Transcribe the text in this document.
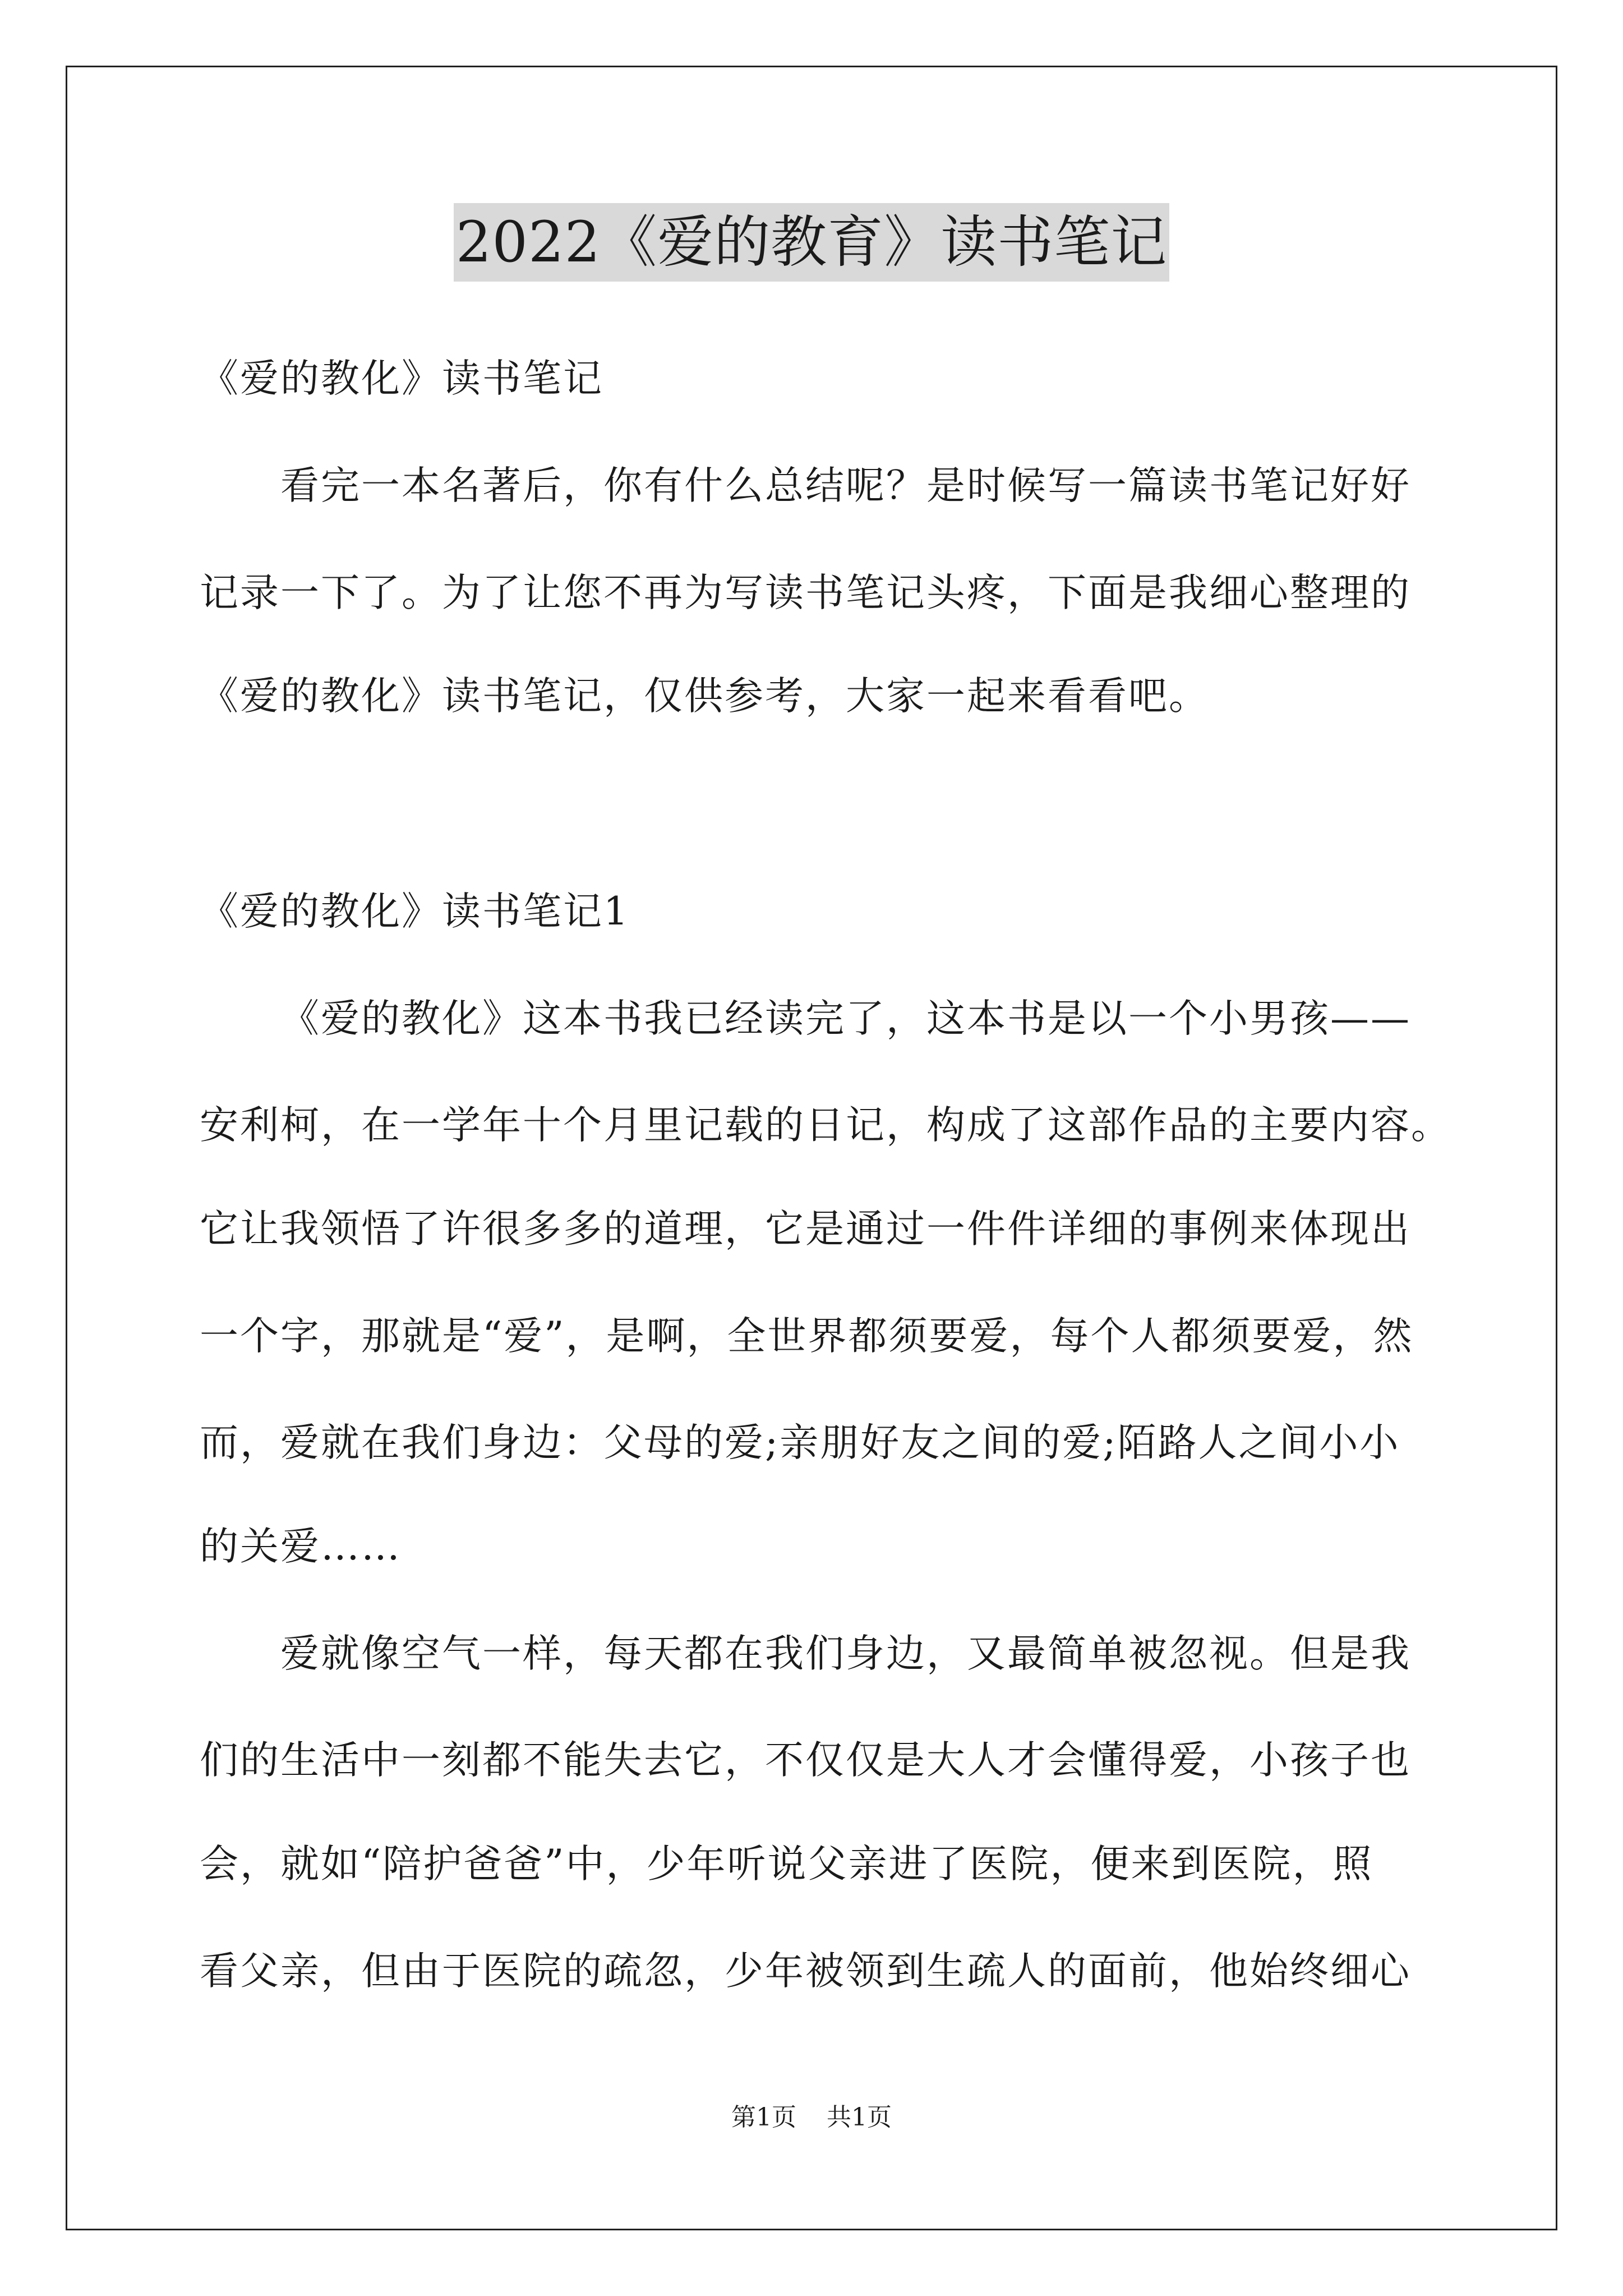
2022《爱的教育》读书笔记
《爱的教化》读书笔记
看完一本名著后，你有什么总结呢？是时候写一篇读书笔记好好
记录一下了。为了让您不再为写读书笔记头疼，下面是我细心整理的
《爱的教化》读书笔记，仅供参考，大家一起来看看吧。
《爱的教化》读书笔记1
《爱的教化》这本书我已经读完了，这本书是以一个小男孩——
安利柯，在一学年十个月里记载的日记，构成了这部作品的主要内容。
它让我领悟了许很多多的道理，它是通过一件件详细的事例来体现出
一个字，那就是“爱”，是啊，全世界都须要爱，每个人都须要爱，然
而，爱就在我们身边：父母的爱;亲朋好友之间的爱;陌路人之间小小
的关爱……
爱就像空气一样，每天都在我们身边，又最简单被忽视。但是我
们的生活中一刻都不能失去它，不仅仅是大人才会懂得爱，小孩子也
会，就如“陪护爸爸”中，少年听说父亲进了医院，便来到医院，照
看父亲，但由于医院的疏忽，少年被领到生疏人的面前，他始终细心
第1页 共1页
